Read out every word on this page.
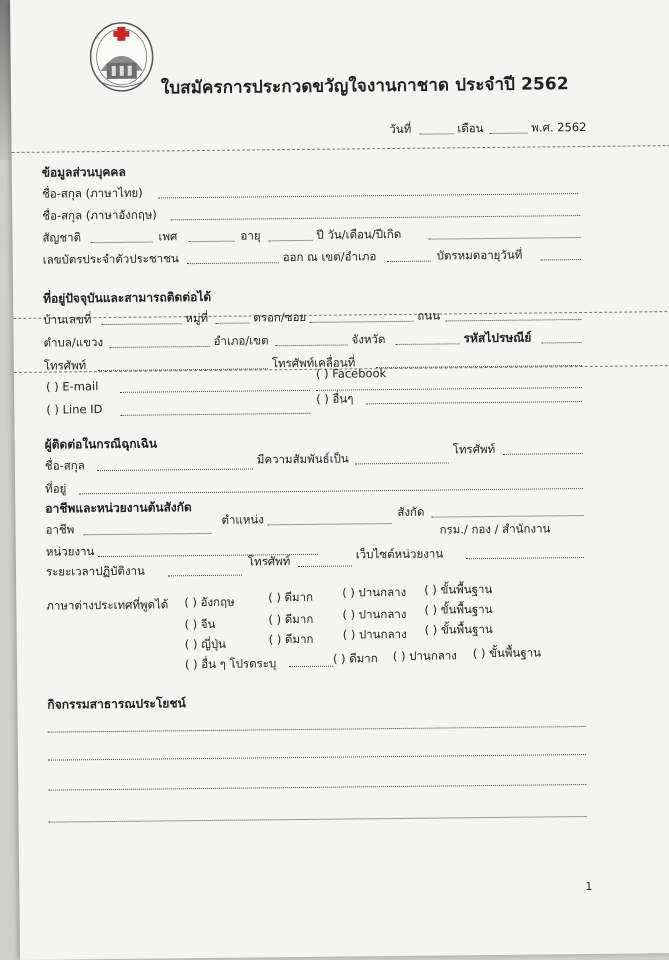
ใบสมัครการประกวดขวัญใจงานกาชาด ประจำปี 2562
วันที่	เดือน	พ.ศ. 2562
ข้อมูลส่วนบุคคล
ชื่อ-สกุล (ภาษาไทย)
ชื่อ-สกุล (ภาษาอังกฤษ)
สัญชาติ	เพศ	อายุ	ปี วัน/เดือน/ปีเกิด
เลขบัตรประจำตัวประชาชน	ออก ณ เขต/อำเภอ	บัตรหมดอายุวันที่
ที่อยู่ปัจจุบันและสามารถติดต่อได้
บ้านเลขที่	หมู่ที่	ตรอก/ซอย	ถนน
ตำบล/แขวง	อำเภอ/เขต	จังหวัด	รหัสไปรษณีย์
โทรศัพท์	โทรศัพท์เคลื่อนที่
( ) E-mail
( ) Facebook
( ) Line ID
( ) อื่นๆ
ผู้ติดต่อในกรณีฉุกเฉิน
ชื่อ-สกุล	มีความสัมพันธ์เป็น
โทรศัพท์
ที่อยู่
อาชีพและหน่วยงานต้นสังกัด
อาชีพ
ตำแหน่ง
สังกัด
กรม./ กอง / สำนักงาน
หน่วยงาน
ระยะเวลาปฏิบัติงาน
โทรศัพท์	เว็บไซต์หน่วยงาน
ภาษาต่างประเทศที่พูดได้ ( ) อังกฤษ	( ) ดีมาก	( ) ปานกลาง ( ) ขั้นพื้นฐาน
( ) จีน	( ) ดีมาก	( ) ปานกลาง ( ) ขั้นพื้นฐาน
( ) ญี่ปุ่น	( ) ดีมาก	( ) ปานกลาง ( ) ขั้นพื้นฐาน
( ) อื่น ๆ โปรดระบุ	( ) ดีมาก ( ) ปานกลาง ( ) ขั้นพื้นฐาน
กิจกรรมสาธารณประโยชน์
1
